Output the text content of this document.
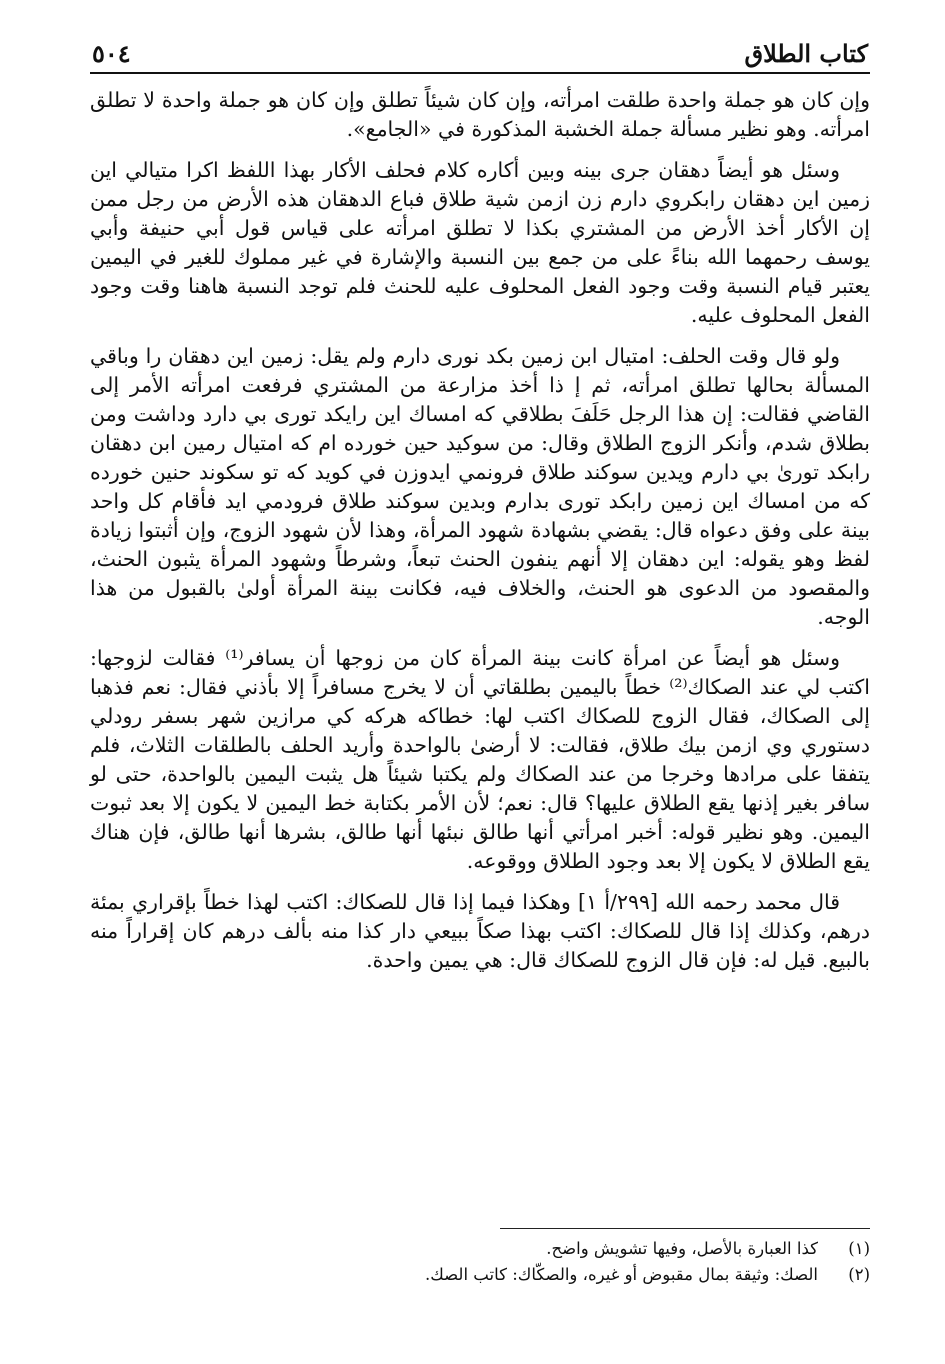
كتاب الطلاق
٥٠٤

وإن كان هو جملة واحدة طلقت امرأته، وإن كان شيئاً تطلق وإن كان هو جملة واحدة لا تطلق امرأته. وهو نظير مسألة جملة الخشبة المذكورة في «الجامع».

وسئل هو أيضاً دهقان جرى بينه وبين أكاره كلام فحلف الأكار بهذا اللفظ اكرا متيالي اين زمين اين دهقان رابكروي دارم زن ازمن شية طلاق فباع الدهقان هذه الأرض من رجل ممن إن الأكار أخذ الأرض من المشتري بكذا لا تطلق امرأته على قياس قول أبي حنيفة وأبي يوسف رحمهما الله بناءً على من جمع بين النسبة والإشارة في غير مملوك للغير في اليمين يعتبر قيام النسبة وقت وجود الفعل المحلوف عليه للحنث فلم توجد النسبة هاهنا وقت وجود الفعل المحلوف عليه.

ولو قال وقت الحلف: امتيال ابن زمين بكد نورى دارم ولم يقل: زمين اين دهقان را وباقي المسألة بحالها تطلق امرأته، ثم إ ذا أخذ مزارعة من المشتري فرفعت امرأته الأمر إلى القاضي فقالت: إن هذا الرجل حَلَفَ بطلاقي كه امساك اين رايكد تورى بي دارد وداشت ومن بطلاق شدم، وأنكر الزوج الطلاق وقال: من سوكيد حين خورده ام كه امتيال رمين ابن دهقان رابكد تورىٰ بي دارم ويدين سوكند طلاق فرونمي ايدوزن في كويد كه تو سكوند حنين خورده كه من امساك اين زمين رابكد تورى بدارم وبدين سوكند طلاق فرودمي ايد فأقام كل واحد بينة على وفق دعواه قال: يقضي بشهادة شهود المرأة، وهذا لأن شهود الزوج، وإن أثبتوا زيادة لفظ وهو يقوله: اين دهقان إلا أنهم ينفون الحنث تبعاً، وشرطاً وشهود المرأة يثبون الحنث، والمقصود من الدعوى هو الحنث، والخلاف فيه، فكانت بينة المرأة أولىٰ بالقبول من هذا الوجه.

وسئل هو أيضاً عن امرأة كانت بينة المرأة كان من زوجها أن يسافر⁽¹⁾ فقالت لزوجها: اكتب لي عند الصكاك⁽²⁾ خطاً باليمين بطلقاتي أن لا يخرج مسافراً إلا بأذني فقال: نعم فذهبا إلى الصكاك، فقال الزوج للصكاك اكتب لها: خطاكه هركه كي مرازين شهر بسفر رودلي دستوري وي ازمن بيك طلاق، فقالت: لا أرضىٰ بالواحدة وأريد الحلف بالطلقات الثلاث، فلم يتفقا على مرادها وخرجا من عند الصكاك ولم يكتبا شيئاً هل يثبت اليمين بالواحدة، حتى لو سافر بغير إذنها يقع الطلاق عليها؟ قال: نعم؛ لأن الأمر بكتابة خط اليمين لا يكون إلا بعد ثبوت اليمين. وهو نظير قوله: أخبر امرأتي أنها طالق نبئها أنها طالق، بشرها أنها طالق، فإن هناك يقع الطلاق لا يكون إلا بعد وجود الطلاق ووقوعه.

قال محمد رحمه الله [٢٩٩/أ ١] وهكذا فيما إذا قال للصكاك: اكتب لهذا خطاً بإقراري بمئة درهم، وكذلك إذا قال للصكاك: اكتب بهذا صكاً ببيعي دار كذا منه بألف درهم كان إقراراً منه بالبيع. قيل له: فإن قال الزوج للصكاك قال: هي يمين واحدة.

(١)
كذا العبارة بالأصل، وفيها تشويش واضح.
(٢)
الصك: وثيقة بمال مقبوض أو غيره، والصكّاك: كاتب الصك.
